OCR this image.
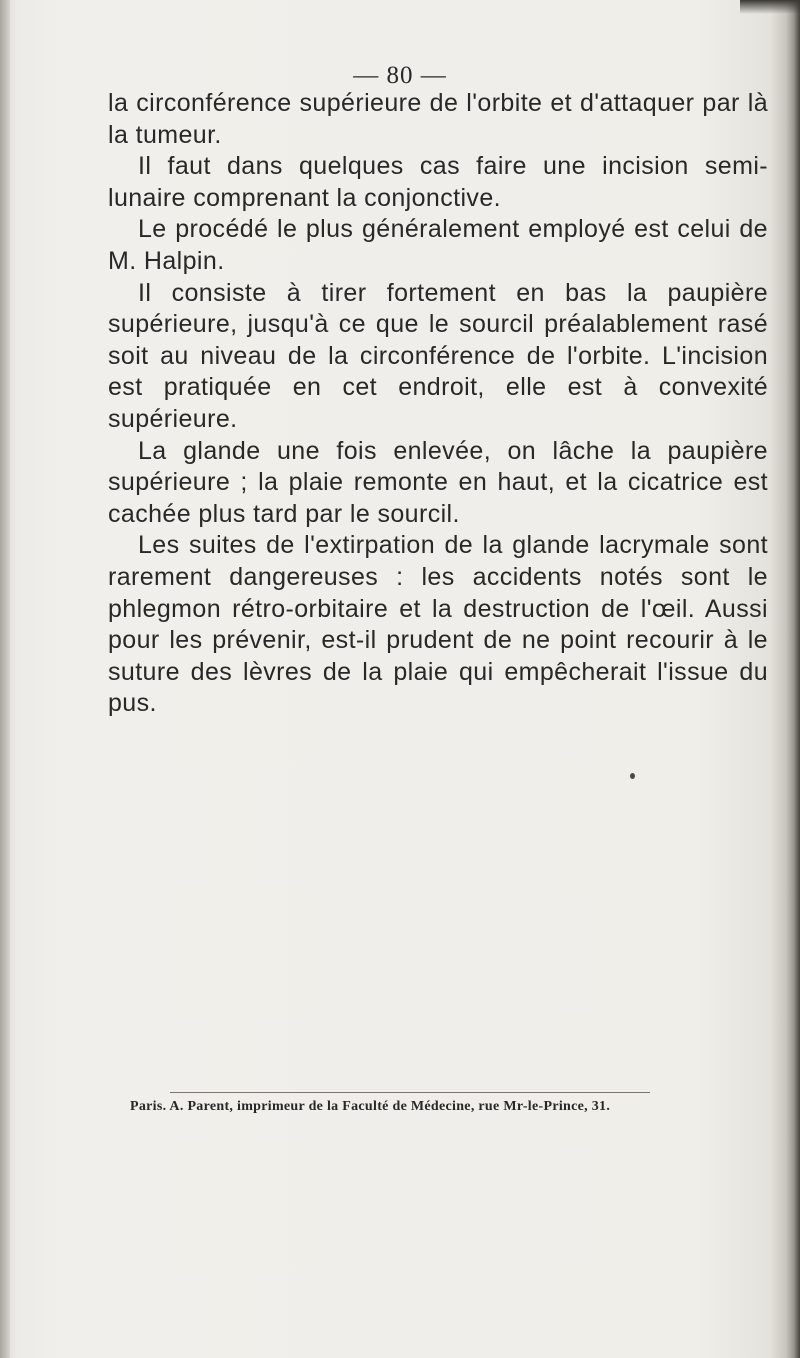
— 80 —

la circonférence supérieure de l'orbite et d'attaquer par là la tumeur.

Il faut dans quelques cas faire une incision semi-lunaire comprenant la conjonctive.

Le procédé le plus généralement employé est celui de M. Halpin.

Il consiste à tirer fortement en bas la paupière supérieure, jusqu'à ce que le sourcil préalablement rasé soit au niveau de la circonférence de l'orbite. L'incision est pratiquée en cet endroit, elle est à convexité supérieure.

La glande une fois enlevée, on lâche la paupière supérieure ; la plaie remonte en haut, et la cicatrice est cachée plus tard par le sourcil.

Les suites de l'extirpation de la glande lacrymale sont rarement dangereuses : les accidents notés sont le phlegmon rétro-orbitaire et la destruction de l'œil. Aussi pour les prévenir, est-il prudent de ne point recourir à le suture des lèvres de la plaie qui empêcherait l'issue du pus.

Paris. A. Parent, imprimeur de la Faculté de Médecine, rue Mr-le-Prince, 31.
